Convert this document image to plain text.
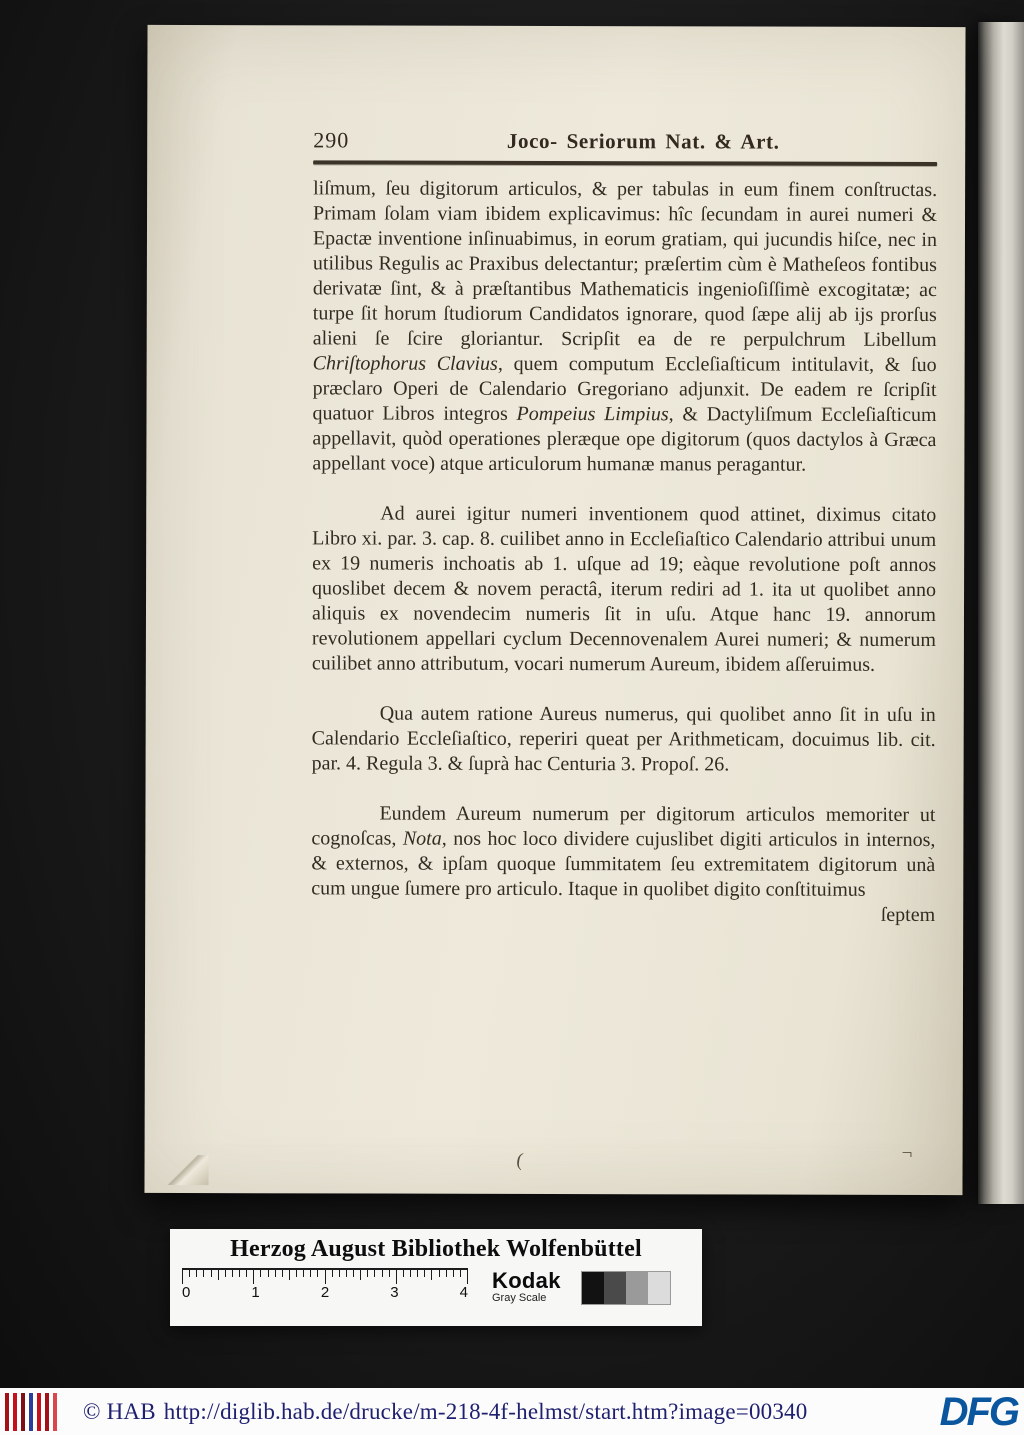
290	Joco- Seriorum Nat. & Art.

liſmum, ſeu digitorum articulos, & per tabulas in eum finem conſtructas. Primam ſolam viam ibidem explicavimus: hîc ſecundam in aurei numeri & Epactæ inventione inſinuabimus, in eorum gratiam, qui jucundis hiſce, nec in utilibus Regulis ac Praxibus delectantur; præſertim cùm è Matheſeos fontibus derivatæ ſint, & à præſtantibus Mathematicis ingenioſiſſimè excogitatæ; ac turpe ſit horum ſtudiorum Candidatos ignorare, quod ſæpe alij ab ijs prorſus alieni ſe ſcire gloriantur. Scripſit ea de re perpulchrum Libellum Chriſtophorus Clavius, quem computum Eccleſiaſticum intitulavit, & ſuo præclaro Operi de Calendario Gregoriano adjunxit. De eadem re ſcripſit quatuor Libros integros Pompeius Limpius, & Dactyliſmum Eccleſiaſticum appellavit, quòd operationes pleræque ope digitorum (quos dactylos à Græca appellant voce) atque articulorum humanæ manus peragantur.

Ad aurei igitur numeri inventionem quod attinet, diximus citato Libro xi. par. 3. cap. 8. cuilibet anno in Eccleſiaſtico Calendario attribui unum ex 19 numeris inchoatis ab 1. uſque ad 19; eàque revolutione poſt annos quoslibet decem & novem peractâ, iterum rediri ad 1. ita ut quolibet anno aliquis ex novendecim numeris ſit in uſu. Atque hanc 19. annorum revolutionem appellari cyclum Decennovenalem Aurei numeri; & numerum cuilibet anno attributum, vocari numerum Aureum, ibidem aſſeruimus.

Qua autem ratione Aureus numerus, qui quolibet anno ſit in uſu in Calendario Eccleſiaſtico, reperiri queat per Arithmeticam, docuimus lib. cit. par. 4. Regula 3. & ſuprà hac Centuria 3. Propoſ. 26.

Eundem Aureum numerum per digitorum articulos memoriter ut cognoſcas, Nota, nos hoc loco dividere cujuslibet digiti articulos in internos, & externos, & ipſam quoque ſummitatem ſeu extremitatem digitorum unà cum ungue ſumere pro articulo. Itaque in quolibet digito conſtituimus

ſeptem
(	¬
Herzog August Bibliothek Wolfenbüttel
0	1	2	3	4 Kodak
Gray Scale
© HAB http://diglib.hab.de/drucke/m-218-4f-helmst/start.htm?image=00340	DFG
